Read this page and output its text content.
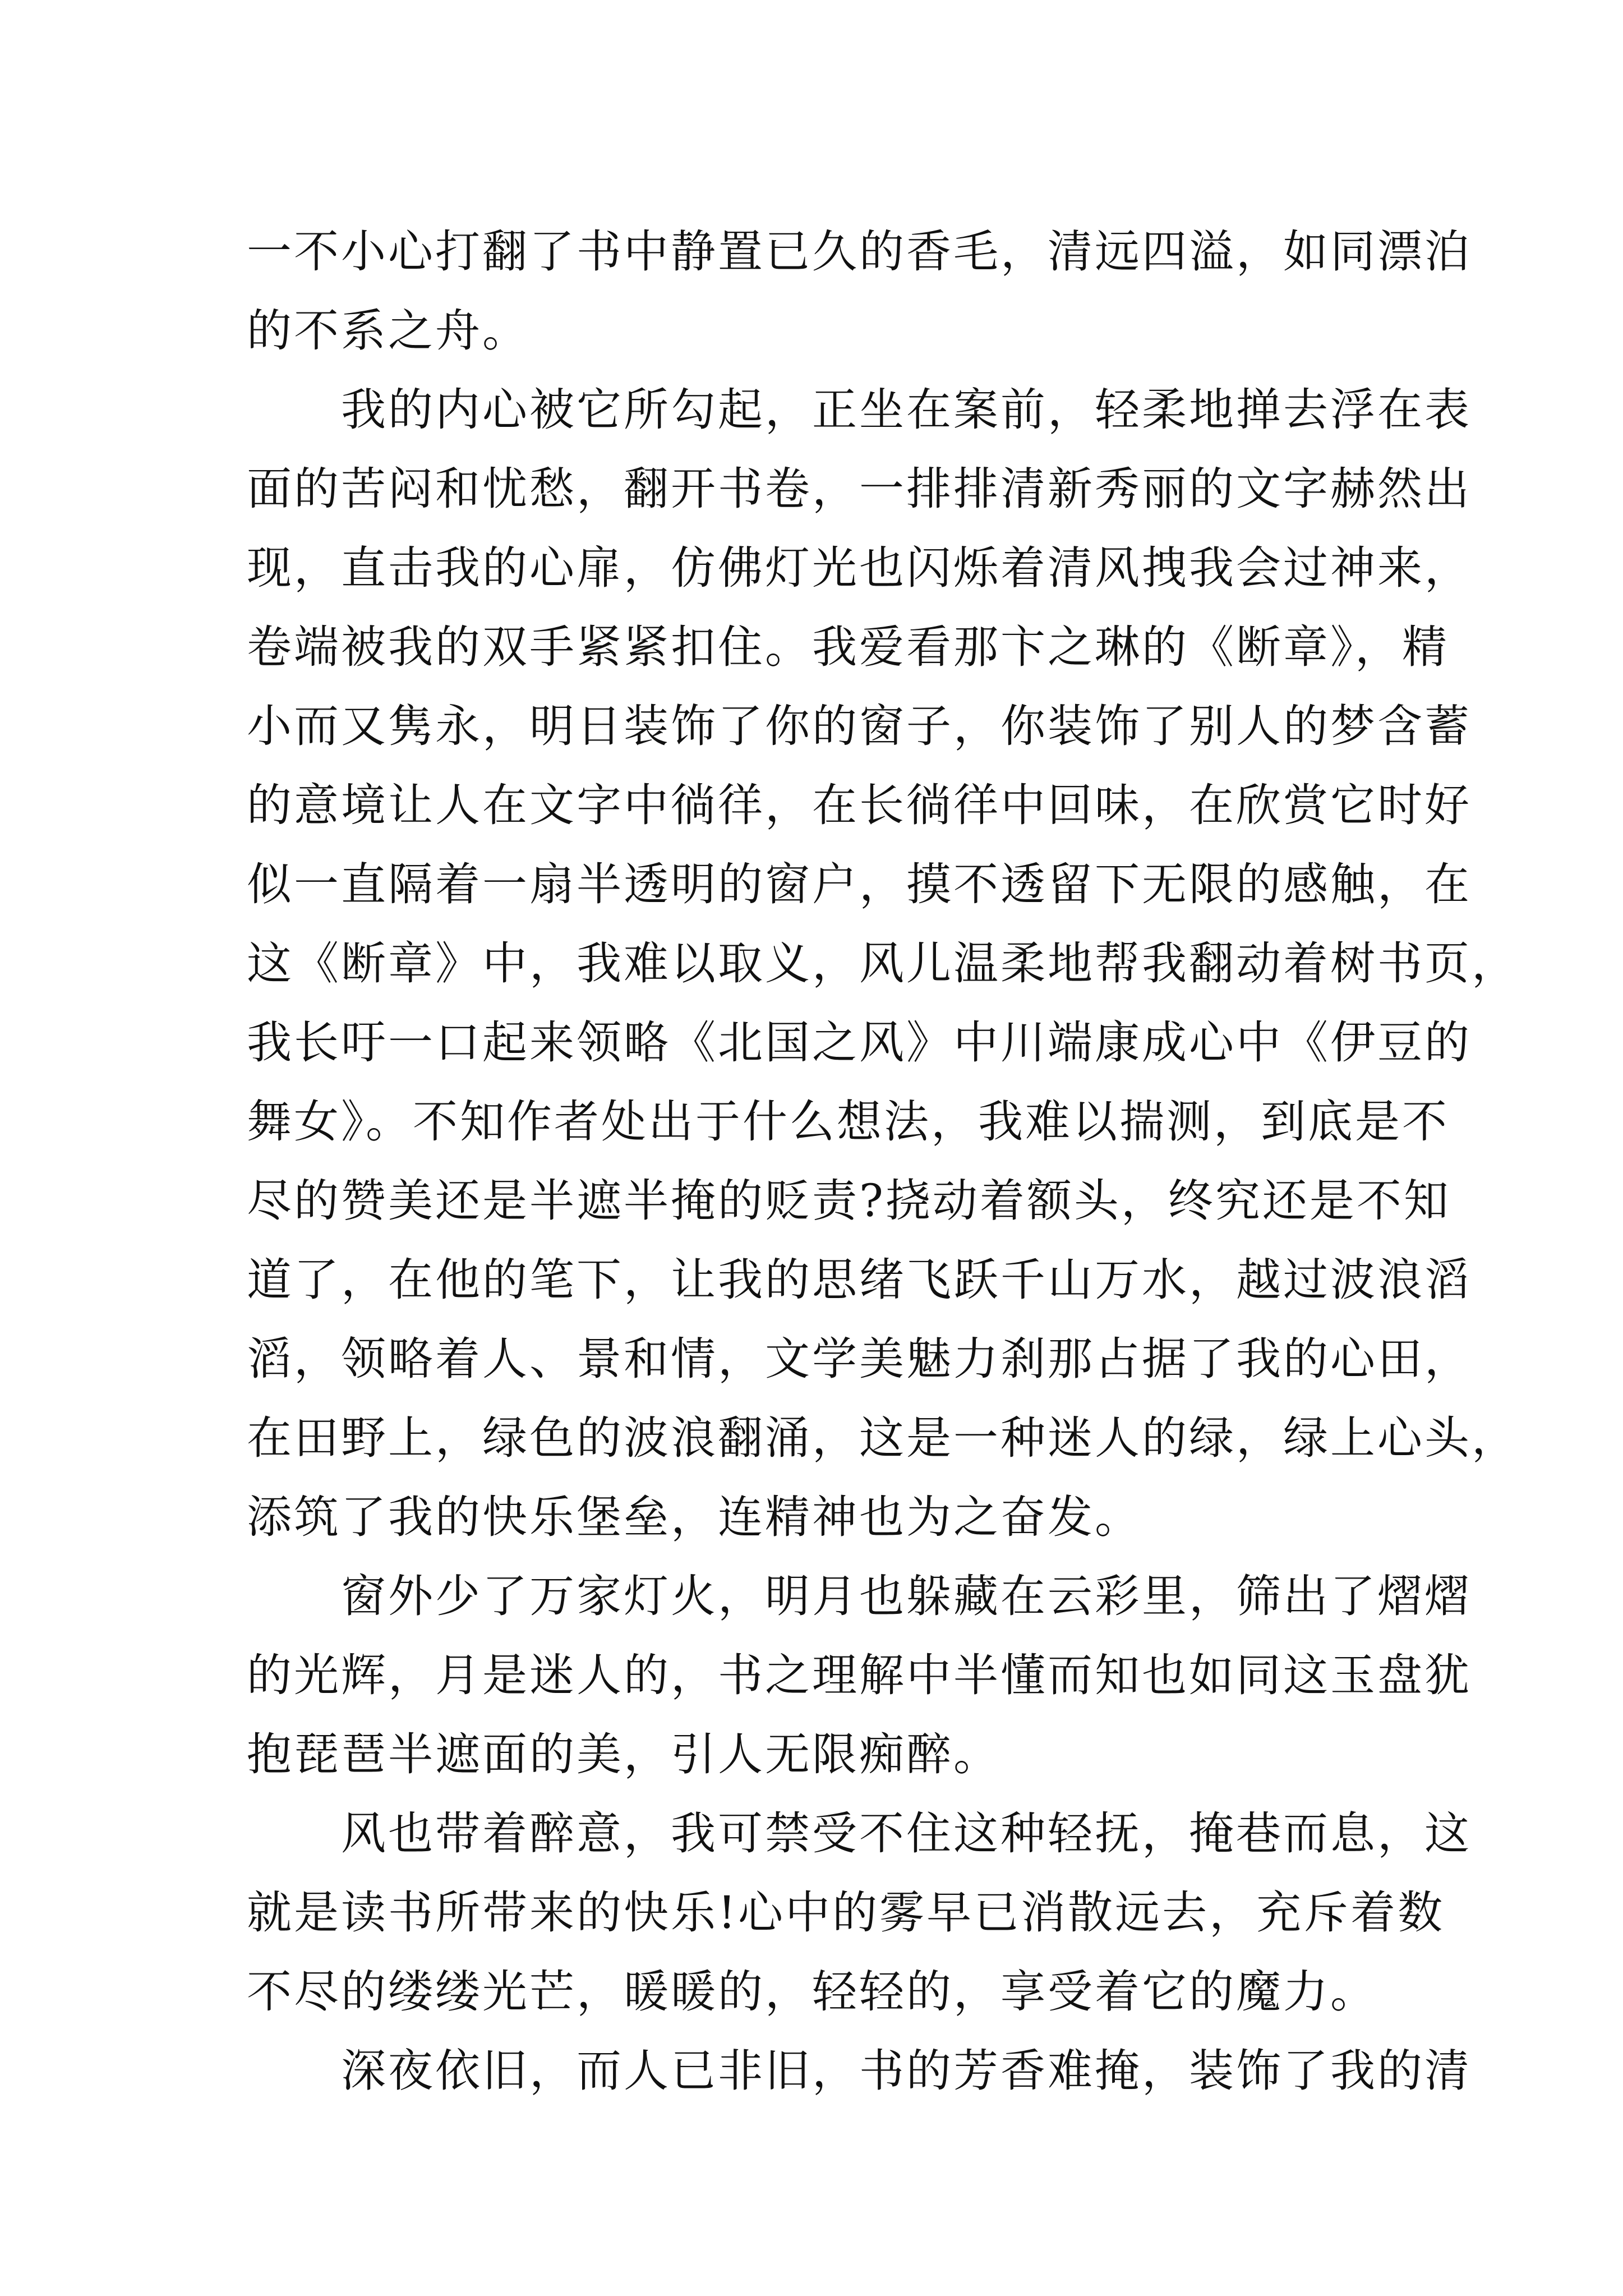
一不小心打翻了书中静置已久的香毛，清远四溢，如同漂泊
的不系之舟。
我的内心被它所勾起，正坐在案前，轻柔地掸去浮在表
面的苦闷和忧愁，翻开书卷，一排排清新秀丽的文字赫然出
现，直击我的心扉，仿佛灯光也闪烁着清风拽我会过神来，
卷端被我的双手紧紧扣住。我爱看那卞之琳的《断章》，精
小而又隽永，明日装饰了你的窗子，你装饰了别人的梦含蓄
的意境让人在文字中徜徉，在长徜徉中回味，在欣赏它时好
似一直隔着一扇半透明的窗户，摸不透留下无限的感触，在
这《断章》中，我难以取义，风儿温柔地帮我翻动着树书页，
我长吁一口起来领略《北国之风》中川端康成心中《伊豆的
舞女》。不知作者处出于什么想法，我难以揣测，到底是不
尽的赞美还是半遮半掩的贬责?挠动着额头，终究还是不知
道了，在他的笔下，让我的思绪飞跃千山万水，越过波浪滔
滔，领略着人、景和情，文学美魅力刹那占据了我的心田，
在田野上，绿色的波浪翻涌，这是一种迷人的绿，绿上心头，
添筑了我的快乐堡垒，连精神也为之奋发。
窗外少了万家灯火，明月也躲藏在云彩里，筛出了熠熠
的光辉，月是迷人的，书之理解中半懂而知也如同这玉盘犹
抱琵琶半遮面的美，引人无限痴醉。
风也带着醉意，我可禁受不住这种轻抚，掩巷而息，这
就是读书所带来的快乐!心中的雾早已消散远去，充斥着数
不尽的缕缕光芒，暖暖的，轻轻的，享受着它的魔力。
深夜依旧，而人已非旧，书的芳香难掩，装饰了我的清
